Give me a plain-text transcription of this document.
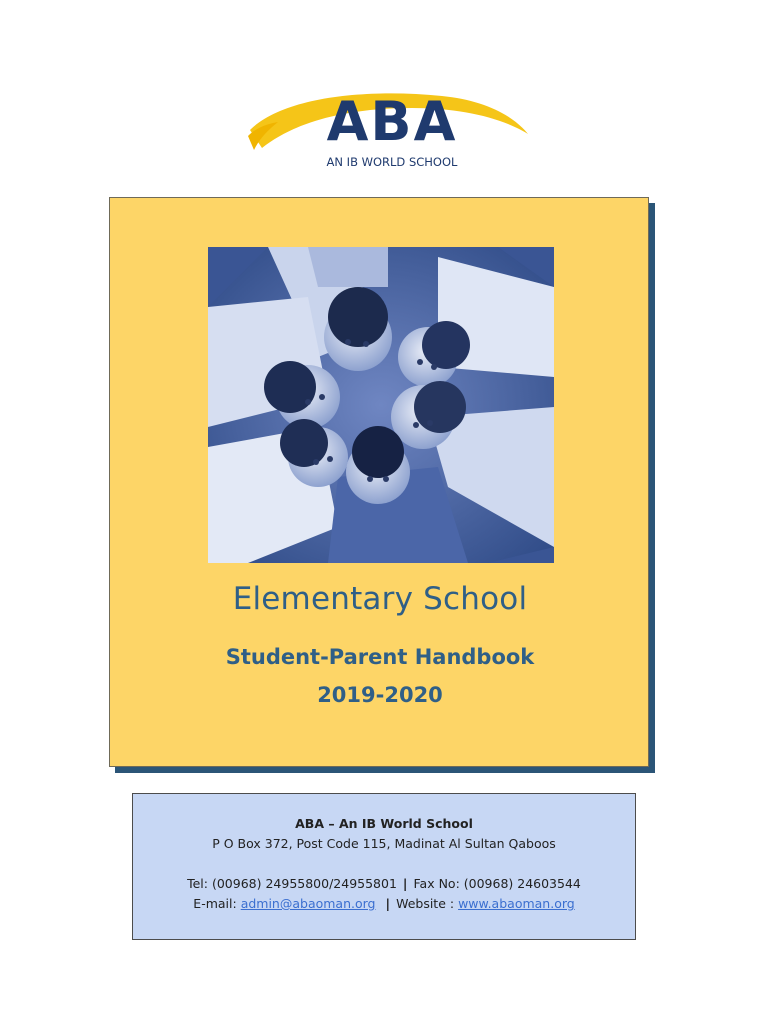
ABA
AN IB WORLD SCHOOL
Elementary School
Student-Parent Handbook
2019-2020
ABA – An IB World School
P O Box 372, Post Code 115, Madinat Al Sultan Qaboos
Tel: (00968) 24955800/24955801 | Fax No: (00968) 24603544
E-mail: admin@abaoman.org | Website : www.abaoman.org
